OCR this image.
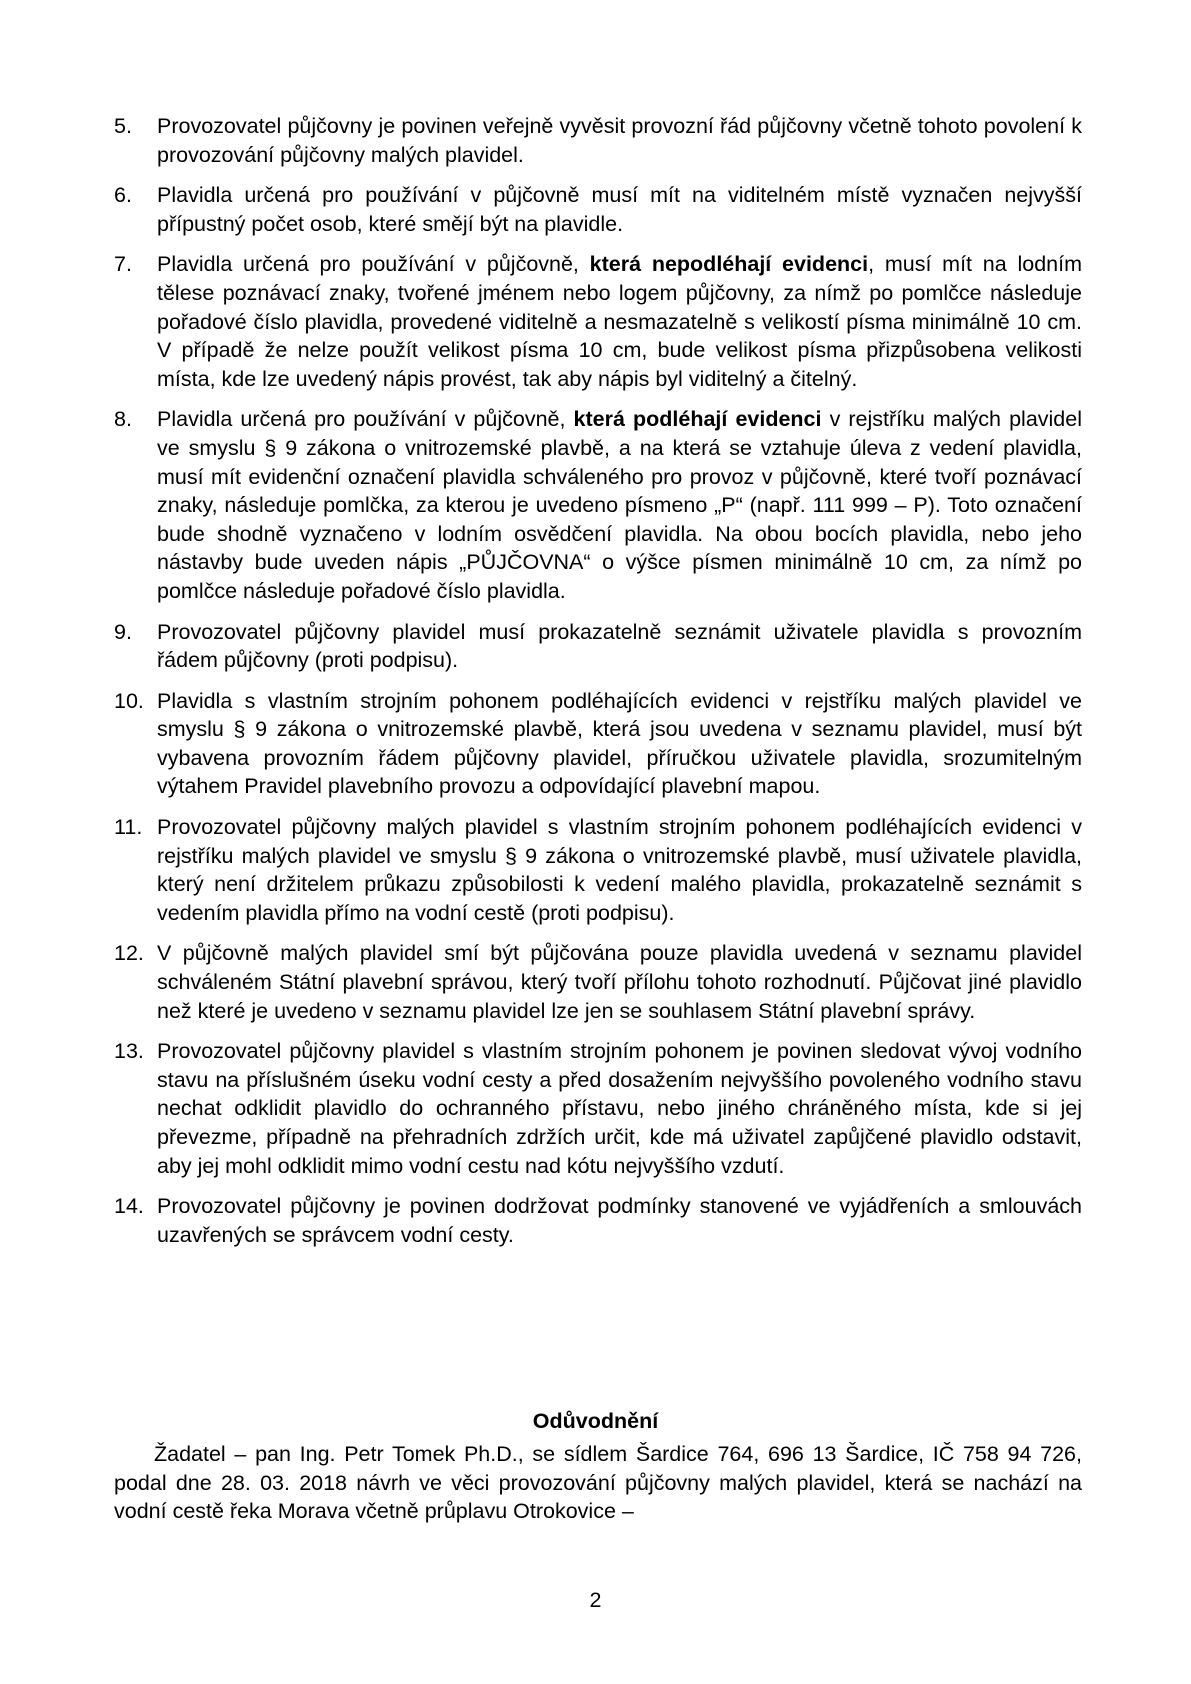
5.	Provozovatel půjčovny je povinen veřejně vyvěsit provozní řád půjčovny včetně tohoto povolení k provozování půjčovny malých plavidel.
6.	Plavidla určená pro používání v půjčovně musí mít na viditelném místě vyznačen nejvyšší přípustný počet osob, které smějí být na plavidle.
7.	Plavidla určená pro používání v půjčovně, která nepodléhají evidenci, musí mít na lodním tělese poznávací znaky, tvořené jménem nebo logem půjčovny, za nímž po pomlčce následuje pořadové číslo plavidla, provedené viditelně a nesmazatelně s velikostí písma minimálně 10 cm. V případě že nelze použít velikost písma 10 cm, bude velikost písma přizpůsobena velikosti místa, kde lze uvedený nápis provést, tak aby nápis byl viditelný a čitelný.
8.	Plavidla určená pro používání v půjčovně, která podléhají evidenci v rejstříku malých plavidel ve smyslu § 9 zákona o vnitrozemské plavbě, a na která se vztahuje úleva z vedení plavidla, musí mít evidenční označení plavidla schváleného pro provoz v půjčovně, které tvoří poznávací znaky, následuje pomlčka, za kterou je uvedeno písmeno „P“ (např. 111 999 – P). Toto označení bude shodně vyznačeno v lodním osvědčení plavidla. Na obou bocích plavidla, nebo jeho nástavby bude uveden nápis „PŮJČOVNA“ o výšce písmen minimálně 10 cm, za nímž po pomlčce následuje pořadové číslo plavidla.
9.	Provozovatel půjčovny plavidel musí prokazatelně seznámit uživatele plavidla s provozním řádem půjčovny (proti podpisu).
10. Plavidla s vlastním strojním pohonem podléhajících evidenci v rejstříku malých plavidel ve smyslu § 9 zákona o vnitrozemské plavbě, která jsou uvedena v seznamu plavidel, musí být vybavena provozním řádem půjčovny plavidel, příručkou uživatele plavidla, srozumitelným výtahem Pravidel plavebního provozu a odpovídající plavební mapou.
11. Provozovatel půjčovny malých plavidel s vlastním strojním pohonem podléhajících evidenci v rejstříku malých plavidel ve smyslu § 9 zákona o vnitrozemské plavbě, musí uživatele plavidla, který není držitelem průkazu způsobilosti k vedení malého plavidla, prokazatelně seznámit s vedením plavidla přímo na vodní cestě (proti podpisu).
12. V půjčovně malých plavidel smí být půjčována pouze plavidla uvedená v seznamu plavidel schváleném Státní plavební správou, který tvoří přílohu tohoto rozhodnutí. Půjčovat jiné plavidlo než které je uvedeno v seznamu plavidel lze jen se souhlasem Státní plavební správy.
13. Provozovatel půjčovny plavidel s vlastním strojním pohonem je povinen sledovat vývoj vodního stavu na příslušném úseku vodní cesty a před dosažením nejvyššího povoleného vodního stavu nechat odklidit plavidlo do ochranného přístavu, nebo jiného chráněného místa, kde si jej převezme, případně na přehradních zdržích určit, kde má uživatel zapůjčené plavidlo odstavit, aby jej mohl odklidit mimo vodní cestu nad kótu nejvyššího vzdutí.
14. Provozovatel půjčovny je povinen dodržovat podmínky stanovené ve vyjádřeních a smlouvách uzavřených se správcem vodní cesty.
Odůvodnění
Žadatel – pan Ing. Petr Tomek Ph.D., se sídlem Šardice 764, 696 13 Šardice, IČ 758 94 726, podal dne 28. 03. 2018 návrh ve věci provozování půjčovny malých plavidel, která se nachází na vodní cestě řeka Morava včetně průplavu Otrokovice –
2
